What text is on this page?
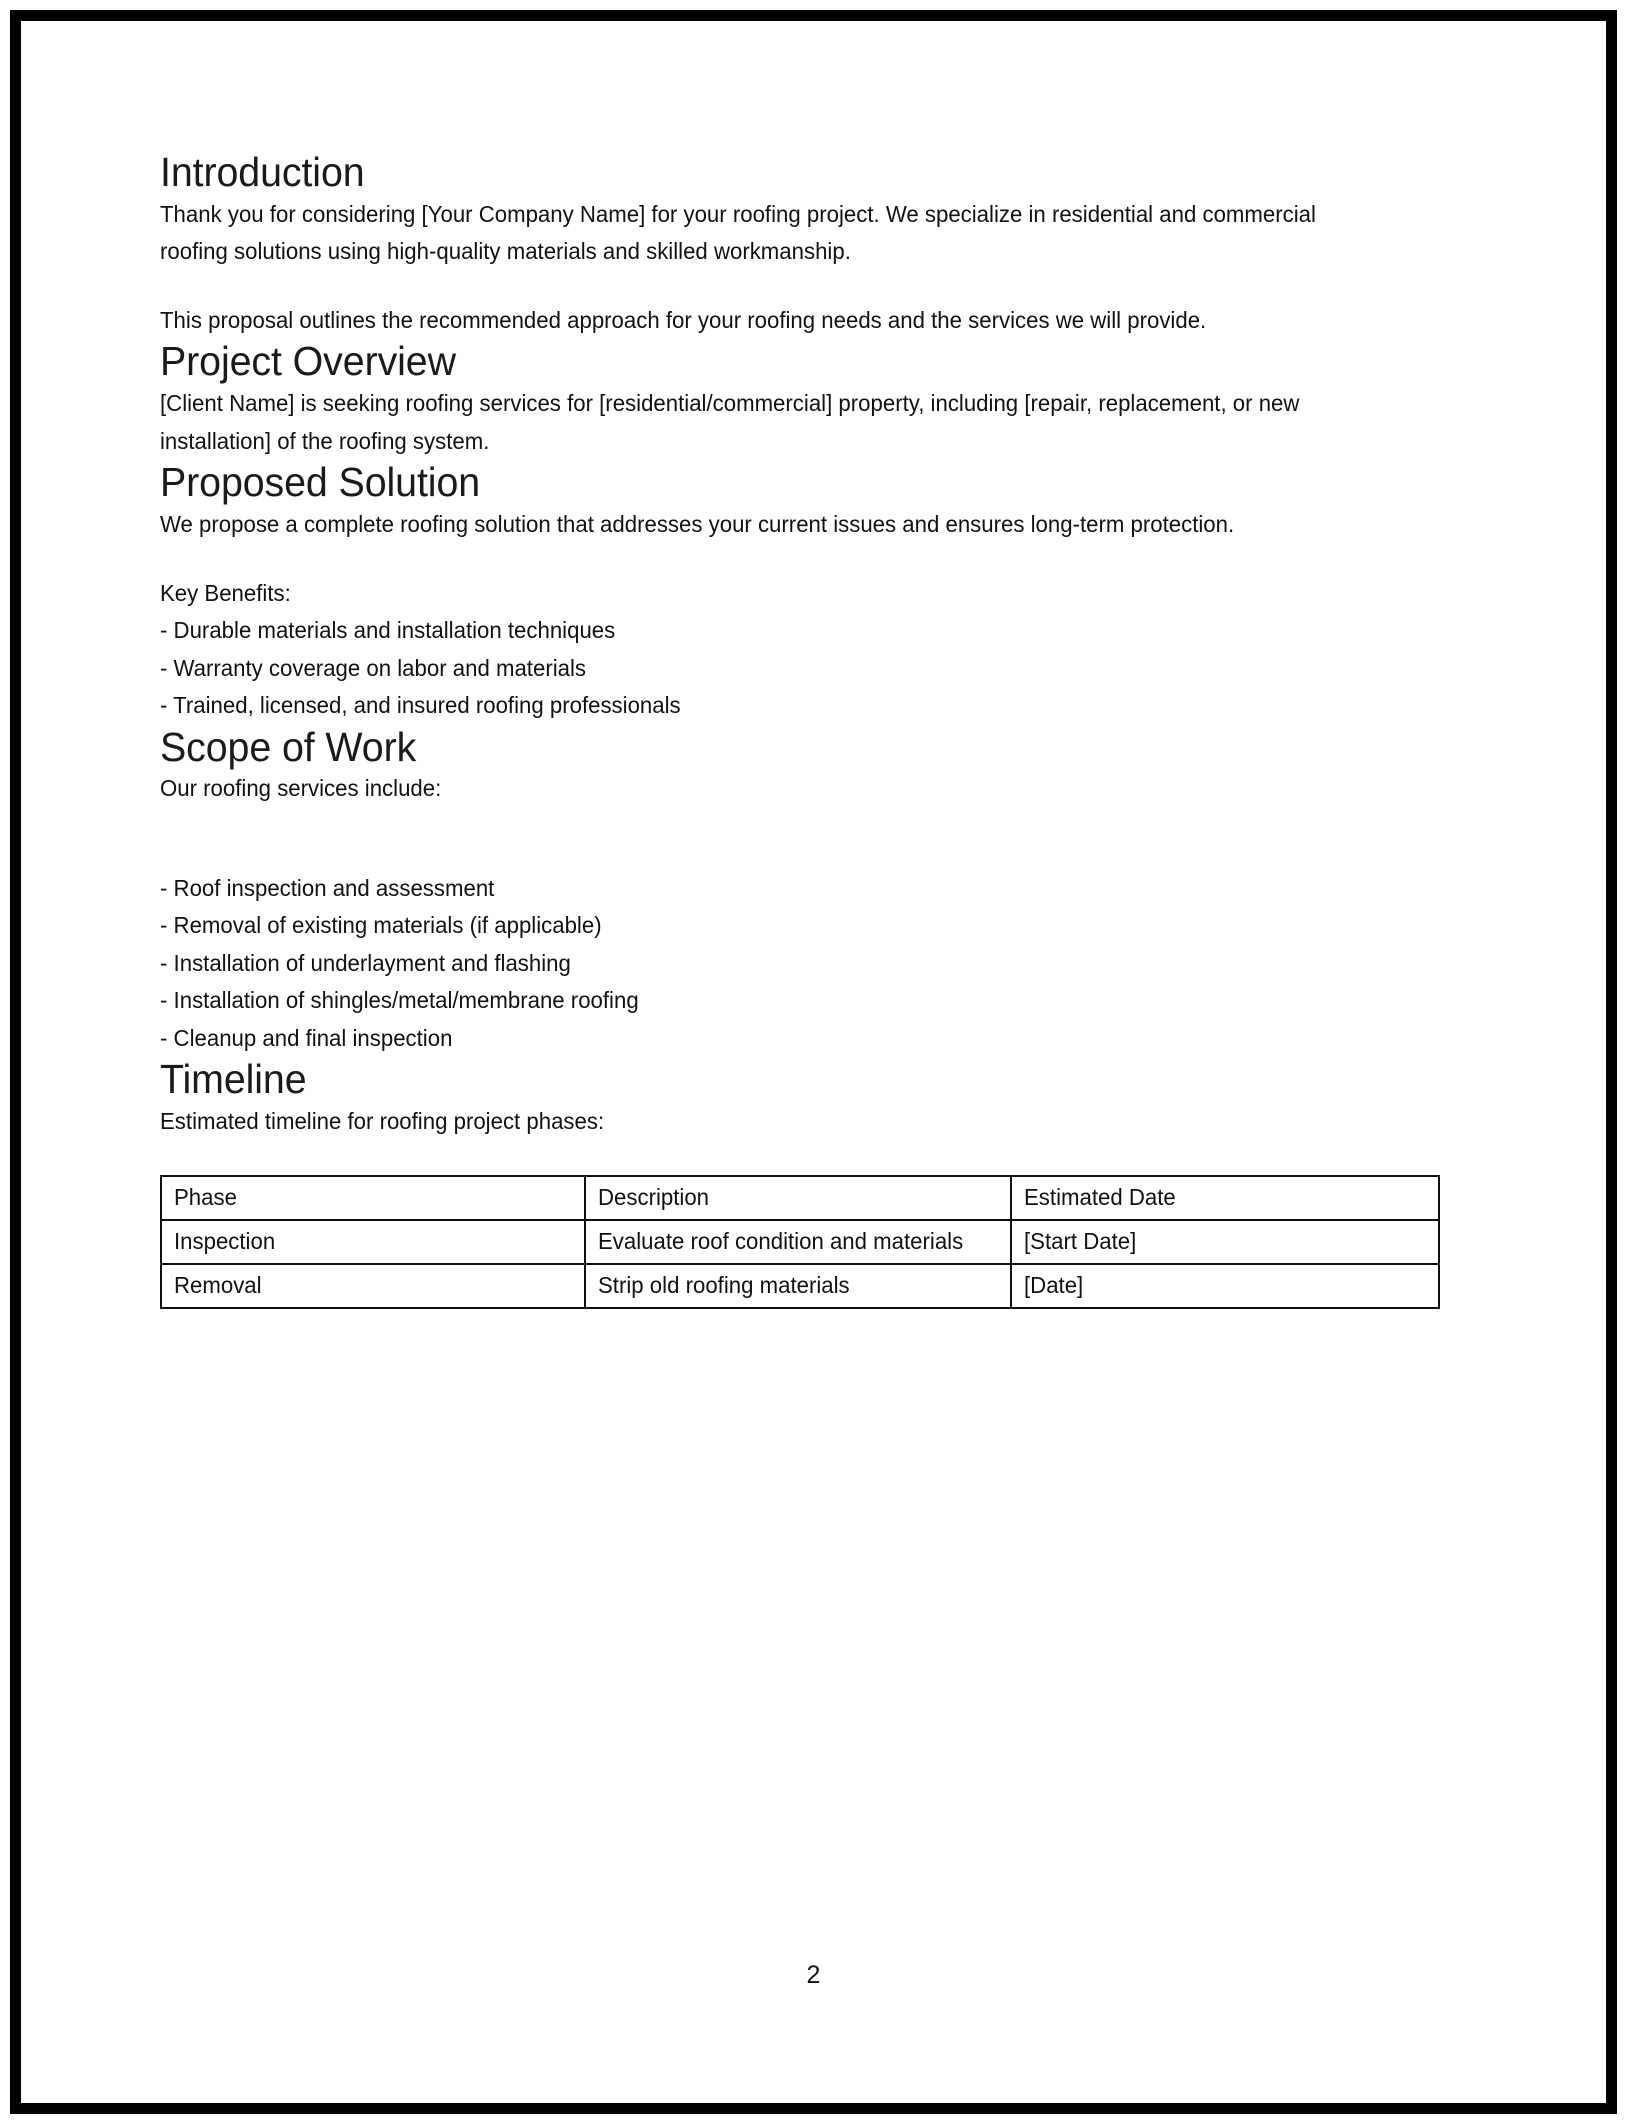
Introduction

Thank you for considering [Your Company Name] for your roofing project. We specialize in residential and commercial roofing solutions using high-quality materials and skilled workmanship.

This proposal outlines the recommended approach for your roofing needs and the services we will provide.

Project Overview

[Client Name] is seeking roofing services for [residential/commercial] property, including [repair, replacement, or new installation] of the roofing system.

Proposed Solution

We propose a complete roofing solution that addresses your current issues and ensures long-term protection.

Key Benefits:
- Durable materials and installation techniques
- Warranty coverage on labor and materials
- Trained, licensed, and insured roofing professionals
Scope of Work

Our roofing services include:

- Roof inspection and assessment
- Removal of existing materials (if applicable)
- Installation of underlayment and flashing
- Installation of shingles/metal/membrane roofing
- Cleanup and final inspection
Timeline

Estimated timeline for roofing project phases:

Phase	Description	Estimated Date

Inspection	Evaluate roof condition and materials	[Start Date]

Removal	Strip old roofing materials	[Date]
2
